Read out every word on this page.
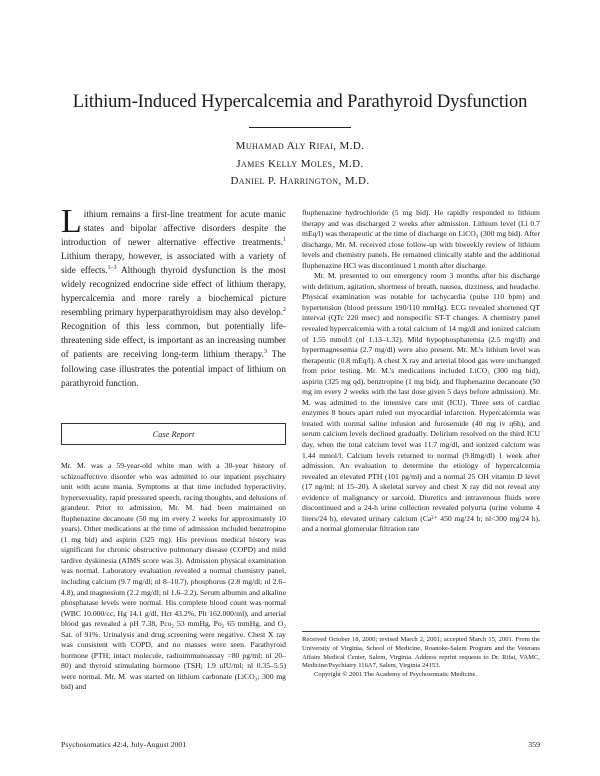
Lithium-Induced Hypercalcemia and Parathyroid Dysfunction
Muhamad Aly Rifai, M.D.
James Kelly Moles, M.D.
Daniel P. Harrington, M.D.

Lithium remains a first-line treatment for acute manic states and bipolar affective disorders despite the introduction of newer alternative effective treatments.$^1$ Lithium therapy, however, is associated with a variety of side effects.$^{1-3}$ Although thyroid dysfunction is the most widely recognized endocrine side effect of lithium therapy, hypercalcemia and more rarely a biochemical picture resembling primary hyperparathyroidism may also develop.$^2$ Recognition of this less common, but potentially life-threatening side effect, is important as an increasing number of patients are receiving long-term lithium therapy.$^3$ The following case illustrates the potential impact of lithium on parathyroid function.

Case Report

Mr. M. was a 59-year-old white man with a 30-year history of schizoaffective disorder who was admitted to our inpatient psychiatry unit with acute mania. Symptoms at that time included hyperactivity, hypersexuality, rapid pressured speech, racing thoughts, and delusions of grandeur. Prior to admission, Mr. M. had been maintained on fluphenazine decanoate (50 mg im every 2 weeks for approximately 10 years). Other medications at the time of admission included benztropine (1 mg bid) and aspirin (325 mg). His previous medical history was significant for chronic obstructive pulmonary disease (COPD) and mild tardive dyskinesia (AIMS score was 3). Admission physical examination was normal. Laboratory evaluation revealed a normal chemistry panel, including calcium (9.7 mg/dl; nl 8–10.7), phosphorus (2.8 mg/dl; nl 2.6–4.8), and magnesium (2.2 mg/dl; nl 1.6–2.2). Serum albumin and alkaline phosphatase levels were normal. His complete blood count was normal (WBC 10.000/cc, Hg 14.1 g/dl, Hct 43.2%, Plt 162.000/ml), and arterial blood gas revealed a pH 7.38, Pco₂ 53 mmHg, Po₂ 65 mmHg, and O₂ Sat. of 91%. Urinalysis and drug screening were negative. Chest X ray was consistent with COPD, and no masses were seen. Parathyroid hormone (PTH; intact molecule, radioimmunoassay =80 pg/ml; nl 20–80) and thyroid stimulating hormone (TSH; 1.9 uIU/ml; nl 0.35–5.5) were normal. Mr. M. was started on lithium carbonate (LiCO₃; 300 mg bid) and

fluphenazine hydrochloride (5 mg bid). He rapidly responded to lithium therapy and was discharged 2 weeks after admission. Lithium level (Li 0.7 mEq/l) was therapeutic at the time of discharge on LiCO₃ (300 mg bid). After discharge, Mr. M. received close follow-up with biweekly review of lithium levels and chemistry panels. He remained clinically stable and the additional fluphenazine HCl was discontinued 1 month after discharge.

Mr. M. presented to our emergency room 3 months after his discharge with delirium, agitation, shortness of breath, nausea, dizziness, and headache. Physical examination was notable for tachycardia (pulse 110 bpm) and hypertension (blood pressure 190/110 mmHg). ECG revealed shortened QT interval (QTc 220 msec) and nonspecific ST-T changes. A chemistry panel revealed hypercalcemia with a total calcium of 14 mg/dl and ionized calcium of 1.55 mmol/l (nl 1.13–1.32). Mild hypophosphatemia (2.5 mg/dl) and hypermagnesemia (2.7 mg/dl) were also present. Mr. M.'s lithium level was therapeutic (0.8 mEq/l). A chest X ray and arterial blood gas were unchanged from prior testing. Mr. M.'s medications included LiCO₃ (300 mg bid), aspirin (325 mg qd), benztropine (1 mg bid), and fluphenazine decanoate (50 mg im every 2 weeks with the last dose given 5 days before admission). Mr. M. was admitted to the intensive care unit (ICU). Three sets of cardiac enzymes 8 hours apart ruled out myocardial infarction. Hypercalcemia was treated with normal saline infusion and furosemide (40 mg iv q6h), and serum calcium levels declined gradually. Delirium resolved on the third ICU day, when the total calcium level was 11.7 mg/dl, and ionized calcium was 1.44 mmol/l. Calcium levels returned to normal (9.8mg/dl) 1 week after admission. An evaluation to determine the etiology of hypercalcemia revealed an elevated PTH (101 pg/ml) and a normal 25 OH vitamin D level (17 ng/ml; nl 15–20). A skeletal survey and chest X ray did not reveal any evidence of malignancy or sarcoid. Diuretics and intravenous fluids were discontinued and a 24-h urine collection revealed polyuria (urine volume 4 liters/24 h), elevated urinary calcium (Ca²⁺ 450 mg/24 h; nl<300 mg/24 h), and a normal glomerular filtration rate

Received October 18, 2000; revised March 2, 2001; accepted March 15, 2001. From the University of Virginia, School of Medicine, Roanoke-Salem Program and the Veterans Affairs Medical Center, Salem, Virginia. Address reprint requests to Dr. Rifai, VAMC, Medicine/Psychiatry 116A7, Salem, Virginia 24153.

Copyright © 2001 The Academy of Psychosomatic Medicine.

Psychosomatics 42:4, July-August 2001	359
